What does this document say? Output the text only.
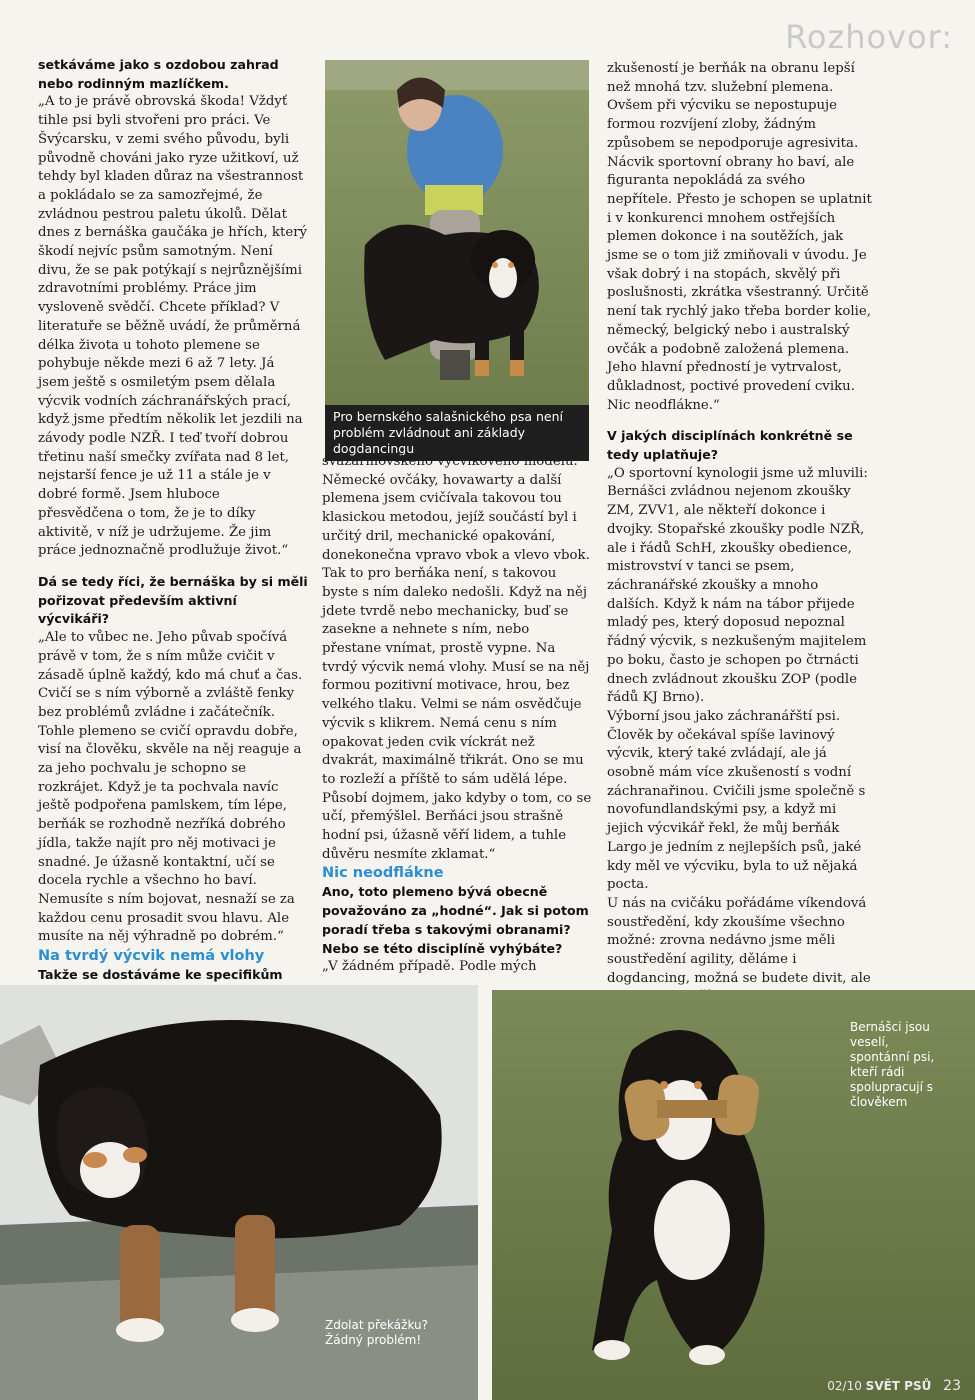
Rozhovor:

setkáváme jako s ozdobou zahrad nebo rodinným mazlíčkem.

„A to je právě obrovská škoda! Vždyť tihle psi byli stvořeni pro práci. Ve Švýcarsku, v zemi svého původu, byli původně chováni jako ryze užitkoví, už tehdy byl kladen důraz na všestrannost a pokládalo se za samozřejmé, že zvládnou pestrou paletu úkolů. Dělat dnes z bernáška gaučáka je hřích, který škodí nejvíc psům samotným. Není divu, že se pak potýkají s nejrůznějšími zdravotními problémy. Práce jim vysloveně svědčí. Chcete příklad? V literatuře se běžně uvádí, že průměrná délka života u tohoto plemene se pohybuje někde mezi 6 až 7 lety. Já jsem ještě s osmiletým psem dělala výcvik vodních záchranářských prací, když jsme předtím několik let jezdili na závody podle NZŘ. I teď tvoří dobrou třetinu naší smečky zvířata nad 8 let, nejstarší fence je už 11 a stále je v dobré formě. Jsem hluboce přesvědčena o tom, že je to díky aktivitě, v níž je udržujeme. Že jim práce jednoznačně prodlužuje život.“

Dá se tedy říci, že bernáška by si měli pořizovat především aktivní výcvikáři?

„Ale to vůbec ne. Jeho půvab spočívá právě v tom, že s ním může cvičit v zásadě úplně každý, kdo má chuť a čas. Cvičí se s ním výborně a zvláště fenky bez problémů zvládne i začátečník. Tohle plemeno se cvičí opravdu dobře, visí na člověku, skvěle na něj reaguje a za jeho pochvalu je schopno se rozkrájet. Když je ta pochvala navíc ještě podpořena pamlskem, tím lépe, berňák se rozhodně nezříká dobrého jídla, takže najít pro něj motivaci je snadné. Je úžasně kontaktní, učí se docela rychle a všechno ho baví. Nemusíte s ním bojovat, nesnaží se za každou cenu prosadit svou hlavu. Ale musíte na něj výhradně po dobrém.“

Na tvrdý výcvik nemá vlohy

Takže se dostáváme ke specifikům

Pro bernského salašnického psa není problém zvládnout ani základy dogdancingu

svazarmovského výcvikového modelu. Německé ovčáky, hovawarty a další plemena jsem cvičívala takovou tou klasickou metodou, jejíž součástí byl i určitý dril, mechanické opakování, donekonečna vpravo vbok a vlevo vbok. Tak to pro berňáka není, s takovou byste s ním daleko nedošli. Když na něj jdete tvrdě nebo mechanicky, buď se zasekne a nehnete s ním, nebo přestane vnímat, prostě vypne. Na tvrdý výcvik nemá vlohy. Musí se na něj formou pozitivní motivace, hrou, bez velkého tlaku. Velmi se nám osvědčuje výcvik s klikrem. Nemá cenu s ním opakovat jeden cvik víckrát než dvakrát, maximálně třikrát. Ono se mu to rozleží a příště to sám udělá lépe. Působí dojmem, jako kdyby o tom, co se učí, přemýšlel. Berňáci jsou strašně hodní psi, úžasně věří lidem, a tuhle důvěru nesmíte zklamat.“

Nic neodflákne

Ano, toto plemeno bývá obecně považováno za „hodné“. Jak si potom poradí třeba s takovými obranami? Nebo se této disciplíně vyhýbáte?

„V žádném případě. Podle mých

zkušeností je berňák na obranu lepší než mnohá tzv. služební plemena. Ovšem při výcviku se nepostupuje formou rozvíjení zloby, žádným způsobem se nepodporuje agresivita. Nácvik sportovní obrany ho baví, ale figuranta nepokládá za svého nepřítele. Přesto je schopen se uplatnit i v konkurenci mnohem ostřejších plemen dokonce i na soutěžích, jak jsme se o tom již zmiňovali v úvodu. Je však dobrý i na stopách, skvělý při poslušnosti, zkrátka všestranný. Určitě není tak rychlý jako třeba border kolie, německý, belgický nebo i australský ovčák a podobně založená plemena. Jeho hlavní předností je vytrvalost, důkladnost, poctivé provedení cviku. Nic neodflákne.“

V jakých disciplínách konkrétně se tedy uplatňuje?

„O sportovní kynologii jsme už mluvili: Bernášci zvládnou nejenom zkoušky ZM, ZVV1, ale někteří dokonce i dvojky. Stopařské zkoušky podle NZŘ, ale i řádů SchH, zkoušky obedience, mistrovství v tanci se psem, záchranářské zkoušky a mnoho dalších. Když k nám na tábor přijede mladý pes, který doposud nepoznal řádný výcvik, s nezkušeným majitelem po boku, často je schopen po čtrnácti dnech zvládnout zkoušku ZOP (podle řádů KJ Brno).

Výborní jsou jako záchranářští psi. Člověk by očekával spíše lavinový výcvik, který také zvládají, ale já osobně mám více zkušeností s vodní záchranařinou. Cvičili jsme společně s novofundlandskými psy, a když mi jejich výcvikář řekl, že můj berňák Largo je jedním z nejlepších psů, jaké kdy měl ve výcviku, byla to už nějaká pocta.

U nás na cvičáku pořádáme víkendová soustředění, kdy zkoušíme všechno možné: zrovna nedávno jsme měli soustředění agility, děláme i dogdancing, možná se budete divit, ale

Zdolat překážku?
Žádný problém!
Bernášci jsou veselí, spontánní psi, kteří rádi spolupracují s člověkem
02/10 SVĚT PSŮ 23
